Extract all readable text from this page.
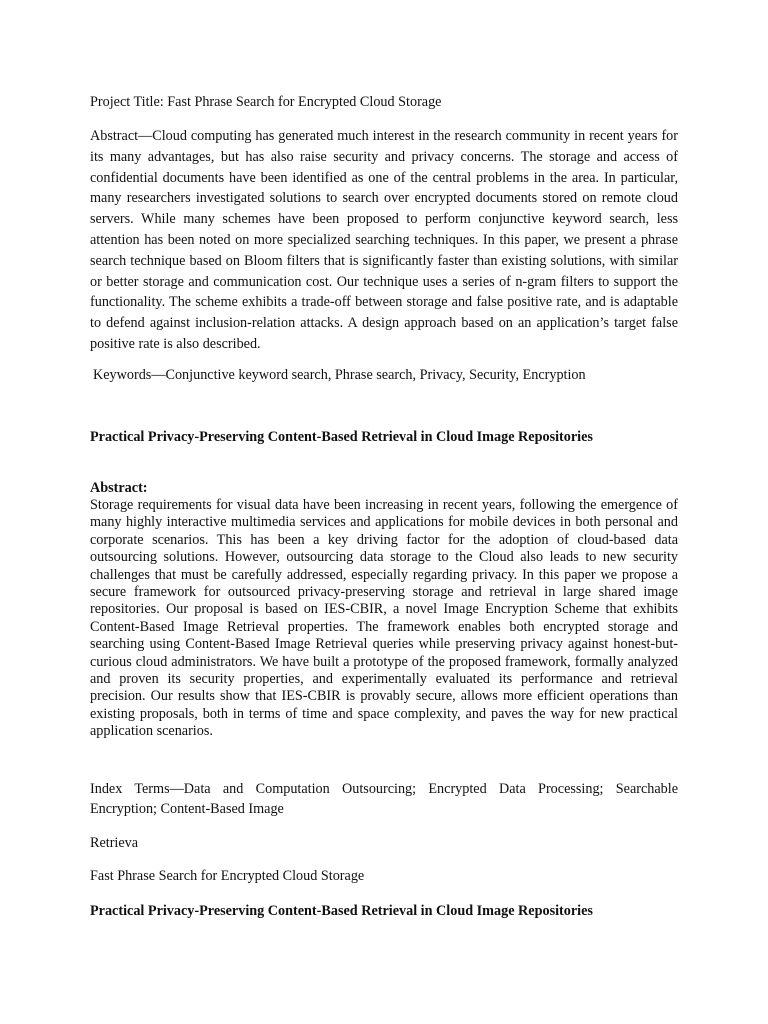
Project Title: Fast Phrase Search for Encrypted Cloud Storage

Abstract—Cloud computing has generated much interest in the research community in recent years for its many advantages, but has also raise security and privacy concerns. The storage and access of confidential documents have been identified as one of the central problems in the area. In particular, many researchers investigated solutions to search over encrypted documents stored on remote cloud servers. While many schemes have been proposed to perform conjunctive keyword search, less attention has been noted on more specialized searching techniques. In this paper, we present a phrase search technique based on Bloom filters that is significantly faster than existing solutions, with similar or better storage and communication cost. Our technique uses a series of n-gram filters to support the functionality. The scheme exhibits a trade-off between storage and false positive rate, and is adaptable to defend against inclusion-relation attacks. A design approach based on an application’s target false positive rate is also described.

Keywords—Conjunctive keyword search, Phrase search, Privacy, Security, Encryption

Practical Privacy-Preserving Content-Based Retrieval in Cloud Image Repositories

Abstract:

Storage requirements for visual data have been increasing in recent years, following the emergence of many highly interactive multimedia services and applications for mobile devices in both personal and corporate scenarios. This has been a key driving factor for the adoption of cloud-based data outsourcing solutions. However, outsourcing data storage to the Cloud also leads to new security challenges that must be carefully addressed, especially regarding privacy. In this paper we propose a secure framework for outsourced privacy-preserving storage and retrieval in large shared image repositories. Our proposal is based on IES-CBIR, a novel Image Encryption Scheme that exhibits Content-Based Image Retrieval properties. The framework enables both encrypted storage and searching using Content-Based Image Retrieval queries while preserving privacy against honest-but-curious cloud administrators. We have built a prototype of the proposed framework, formally analyzed and proven its security properties, and experimentally evaluated its performance and retrieval precision. Our results show that IES-CBIR is provably secure, allows more efficient operations than existing proposals, both in terms of time and space complexity, and paves the way for new practical application scenarios.

Index Terms—Data and Computation Outsourcing; Encrypted Data Processing; Searchable Encryption; Content-Based Image

Retrieva

Fast Phrase Search for Encrypted Cloud Storage

Practical Privacy-Preserving Content-Based Retrieval in Cloud Image Repositories
